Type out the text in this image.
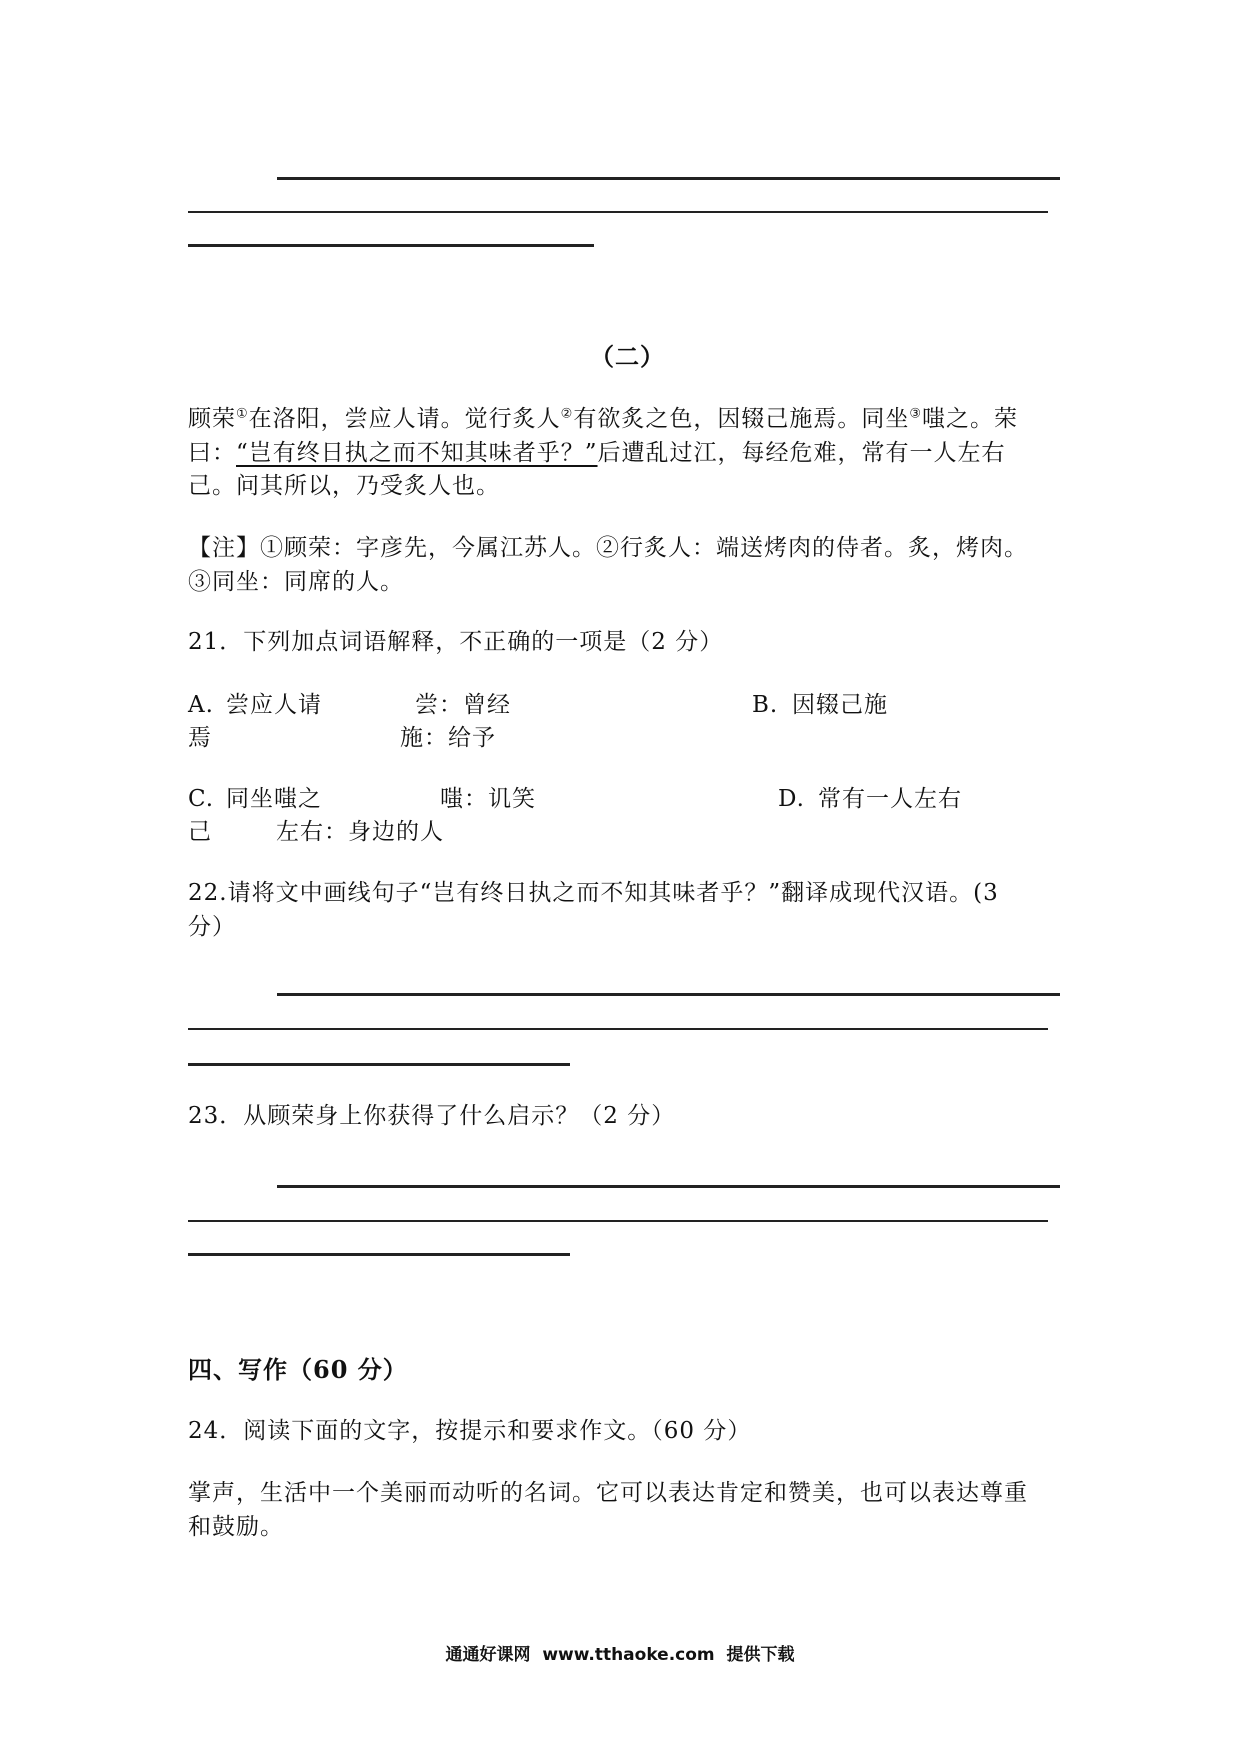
（二）
顾荣①在洛阳，尝应人请。觉行炙人②有欲炙之色，因辍己施焉。同坐③嗤之。荣
曰：“岂有终日执之而不知其味者乎？”后遭乱过江，每经危难，常有一人左右
己。问其所以，乃受炙人也。
【注】①顾荣：字彦先，今属江苏人。②行炙人：端送烤肉的侍者。炙，烤肉。
③同坐：同席的人。
21．下列加点词语解释，不正确的一项是（2 分）
A. 尝应人请	尝：曾经	B. 因辍己施
焉	施：给予
C. 同坐嗤之	嗤：讥笑	D. 常有一人左右
己	左右：身边的人
22.请将文中画线句子“岂有终日执之而不知其味者乎？”翻译成现代汉语。(3
分）
23．从顾荣身上你获得了什么启示？（2 分）
四、写作（60 分）
24．阅读下面的文字，按提示和要求作文。（60 分）
掌声，生活中一个美丽而动听的名词。它可以表达肯定和赞美，也可以表达尊重
和鼓励。
通通好课网  www.tthaoke.com  提供下载
